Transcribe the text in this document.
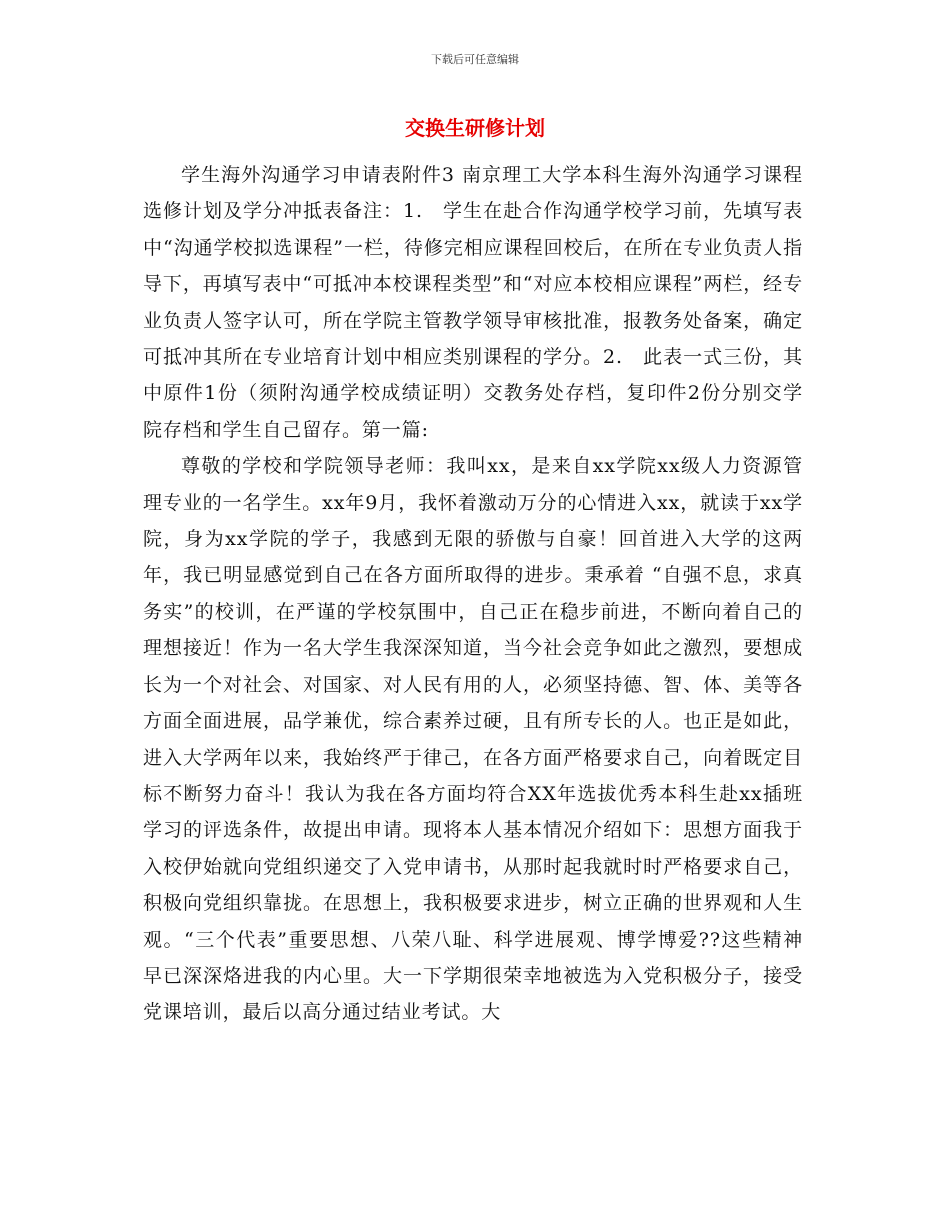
下载后可任意编辑
交换生研修计划

学生海外沟通学习申请表附件3 南京理工大学本科生海外沟通学习课程选修计划及学分冲抵表备注：1.　学生在赴合作沟通学校学习前，先填写表中“沟通学校拟选课程”一栏，待修完相应课程回校后，在所在专业负责人指导下，再填写表中“可抵冲本校课程类型”和“对应本校相应课程”两栏，经专业负责人签字认可，所在学院主管教学领导审核批准，报教务处备案，确定可抵冲其所在专业培育计划中相应类别课程的学分。2.　此表一式三份，其中原件1份（须附沟通学校成绩证明）交教务处存档，复印件2份分别交学院存档和学生自己留存。第一篇:

尊敬的学校和学院领导老师：我叫xx，是来自xx学院xx级人力资源管理专业的一名学生。xx年9月，我怀着激动万分的心情进入xx，就读于xx学院，身为xx学院的学子，我感到无限的骄傲与自豪！回首进入大学的这两年，我已明显感觉到自己在各方面所取得的进步。秉承着 “自强不息，求真务实”的校训，在严谨的学校氛围中，自己正在稳步前进，不断向着自己的理想接近！作为一名大学生我深深知道，当今社会竞争如此之激烈，要想成长为一个对社会、对国家、对人民有用的人，必须坚持德、智、体、美等各方面全面进展，品学兼优，综合素养过硬，且有所专长的人。也正是如此，进入大学两年以来，我始终严于律己，在各方面严格要求自己，向着既定目标不断努力奋斗！我认为我在各方面均符合XX年选拔优秀本科生赴xx插班学习的评选条件，故提出申请。现将本人基本情况介绍如下：思想方面我于入校伊始就向党组织递交了入党申请书，从那时起我就时时严格要求自己，积极向党组织靠拢。在思想上，我积极要求进步，树立正确的世界观和人生观。“三个代表”重要思想、八荣八耻、科学进展观、博学博爱??这些精神早已深深烙进我的内心里。大一下学期很荣幸地被选为入党积极分子，接受党课培训，最后以高分通过结业考试。大
